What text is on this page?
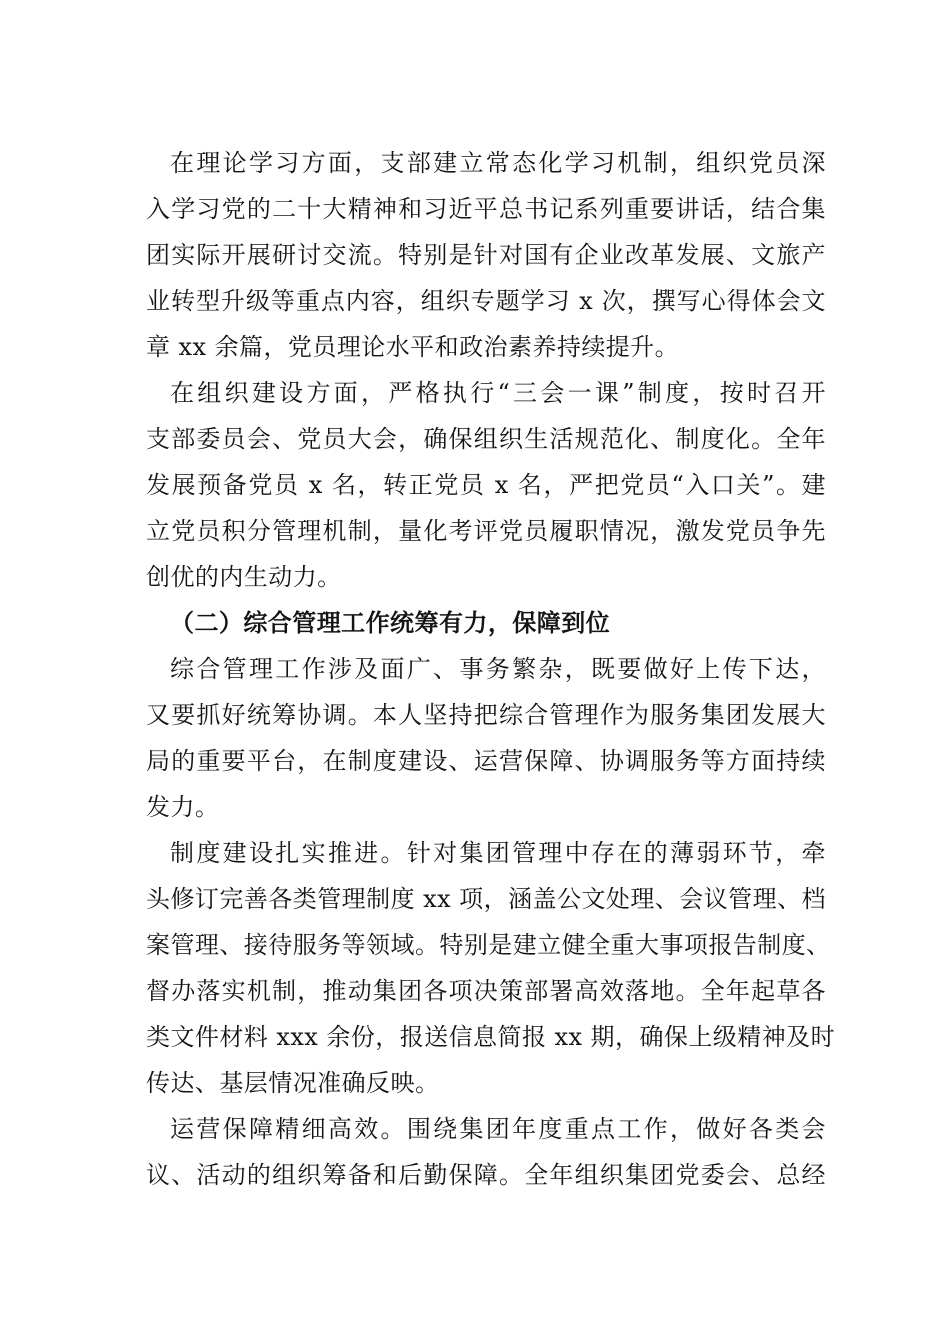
在理论学习方面，支部建立常态化学习机制，组织党员深
入学习党的二十大精神和习近平总书记系列重要讲话，结合集
团实际开展研讨交流。特别是针对国有企业改革发展、文旅产
业转型升级等重点内容，组织专题学习 x 次，撰写心得体会文
章 xx 余篇，党员理论水平和政治素养持续提升。
在组织建设方面，严格执行“三会一课”制度，按时召开
支部委员会、党员大会，确保组织生活规范化、制度化。全年
发展预备党员 x 名，转正党员 x 名，严把党员“入口关”。建
立党员积分管理机制，量化考评党员履职情况，激发党员争先
创优的内生动力。
（二）综合管理工作统筹有力，保障到位
综合管理工作涉及面广、事务繁杂，既要做好上传下达，
又要抓好统筹协调。本人坚持把综合管理作为服务集团发展大
局的重要平台，在制度建设、运营保障、协调服务等方面持续
发力。
制度建设扎实推进。针对集团管理中存在的薄弱环节，牵
头修订完善各类管理制度 xx 项，涵盖公文处理、会议管理、档
案管理、接待服务等领域。特别是建立健全重大事项报告制度、
督办落实机制，推动集团各项决策部署高效落地。全年起草各
类文件材料 xxx 余份，报送信息简报 xx 期，确保上级精神及时
传达、基层情况准确反映。
运营保障精细高效。围绕集团年度重点工作，做好各类会
议、活动的组织筹备和后勤保障。全年组织集团党委会、总经
